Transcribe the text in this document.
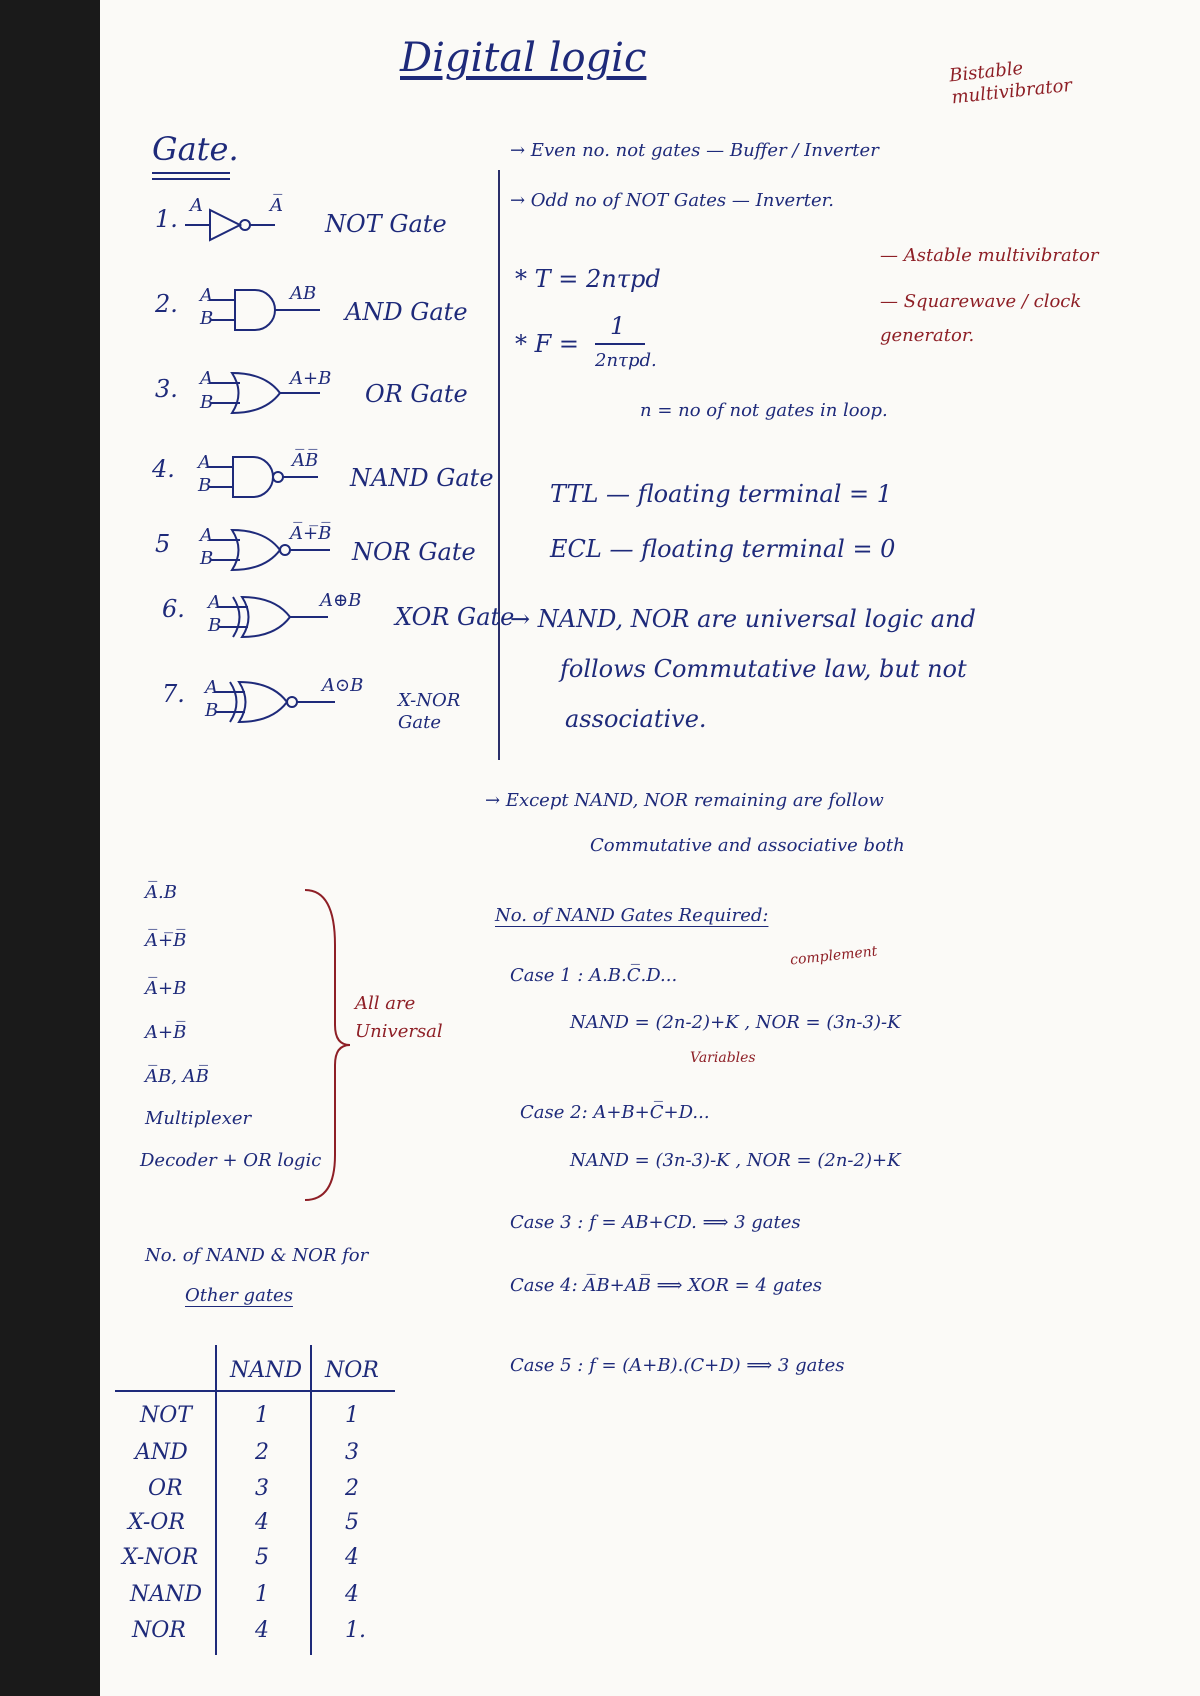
Digital logic
Gate.
1. A	A̅
NOT Gate
2. A
B
AB
AND Gate
3. A
B
A+B
OR Gate
4. A
B
A̅B̅
NAND Gate
5 A
B
A̅+̅B̅
NOR Gate
6. A
B
A⊕B
XOR Gate
7. A
B
A⊙B
X-NOR Gate
A̅.B
A̅+̅B̅
A̅+B
A+B̅
A̅B, AB̅
Multiplexer
Decoder + OR logic
All are Universal
No. of NAND & NOR for
Other gates
NAND NOR
NOT	1	1
AND	2	3
OR	3	2
X-OR	4	5
X-NOR	5	4
NAND 1	4
NOR	4	1.
Bistable multivibrator
→ Even no. not gates — Buffer / Inverter
→ Odd no of NOT Gates — Inverter.
— Astable multivibrator
— Squarewave / clock generator.
* T = 2nτpd
* F =
1
2nτpd.
n = no of not gates in loop.
TTL — floating terminal = 1
ECL — floating terminal = 0
→ NAND, NOR are universal logic and
follows Commutative law, but not
associative.
→ Except NAND, NOR remaining are follow
Commutative and associative both
No. of NAND Gates Required:
Case 1 : A.B.C̅.D...
complement
NAND = (2n-2)+K , NOR = (3n-3)-K
Variables
Case 2: A+B+C̅+D...
NAND = (3n-3)-K , NOR = (2n-2)+K
Case 3 : f = AB+CD. ⟹ 3 gates
Case 4: A̅B+AB̅ ⟹ XOR = 4 gates
Case 5 : f = (A+B).(C+D) ⟹ 3 gates
